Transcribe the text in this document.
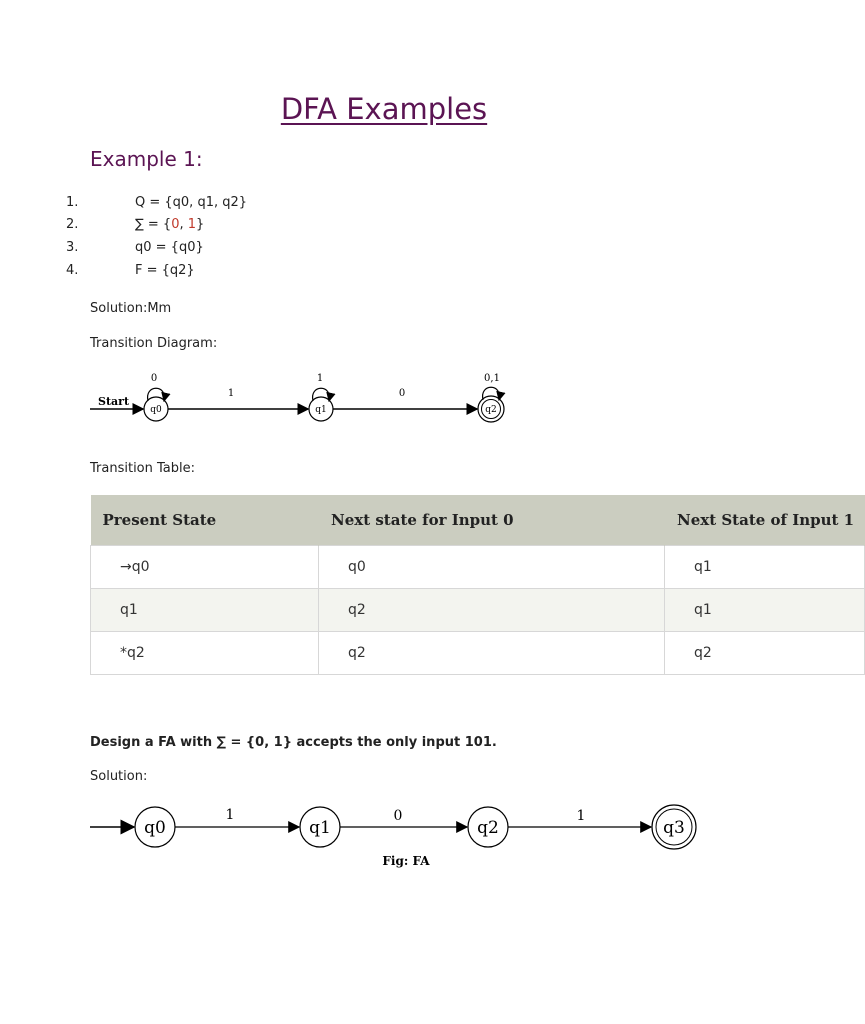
DFA Examples
Example 1:
1.	Q = {q0, q1, q2}
2.	∑ = {0, 1}
3.	q0 = {q0}
4.	F = {q2}
Solution:Mm
Transition Diagram:
Start
q0
0
1
q1
1
0
q2
0,1
Transition Table:
Present State	Next state for Input 0	Next State of Input 1
→q0	q0	q1
q1	q2	q1
*q2	q2	q2
Design a FA with ∑ = {0, 1} accepts the only input 101.
Solution:
q0
1
q1
0
q2
1
q3
Fig: FA
